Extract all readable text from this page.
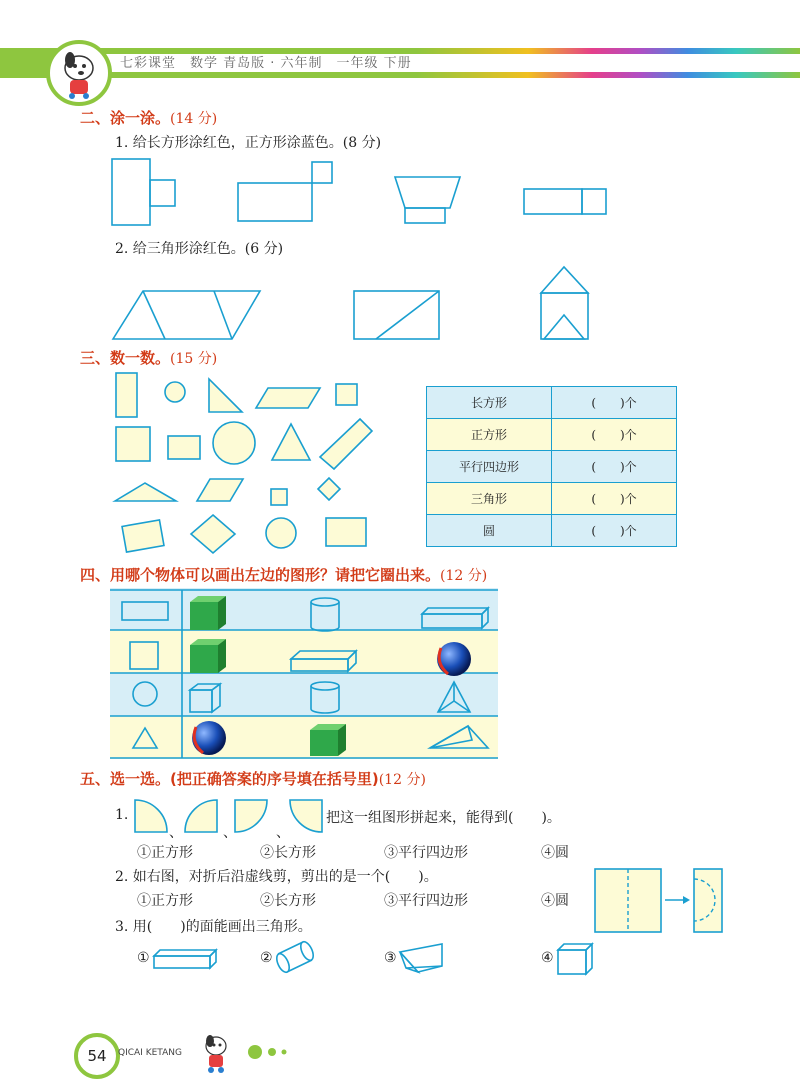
七彩课堂　数学 青岛版 · 六年制　一年级 下册
二、涂一涂。(14 分)
1. 给长方形涂红色，正方形涂蓝色。(8 分)
2. 给三角形涂红色。(6 分)
三、数一数。(15 分)
长方形	(　　)个
正方形	(　　)个
平行四边形	(　　)个
三角形	(　　)个
圆	(　　)个
四、用哪个物体可以画出左边的图形？请把它圈出来。(12 分)
五、选一选。(把正确答案的序号填在括号里)(12 分)
1.
、	、	、
把这一组图形拼起来，能得到(　　)。
①正方形	②长方形	③平行四边形	④圆
2. 如右图，对折后沿虚线剪，剪出的是一个(　　)。
①正方形	②长方形	③平行四边形	④圆
3. 用(　　)的面能画出三角形。
①	②	③	④
54	QICAI KETANG
